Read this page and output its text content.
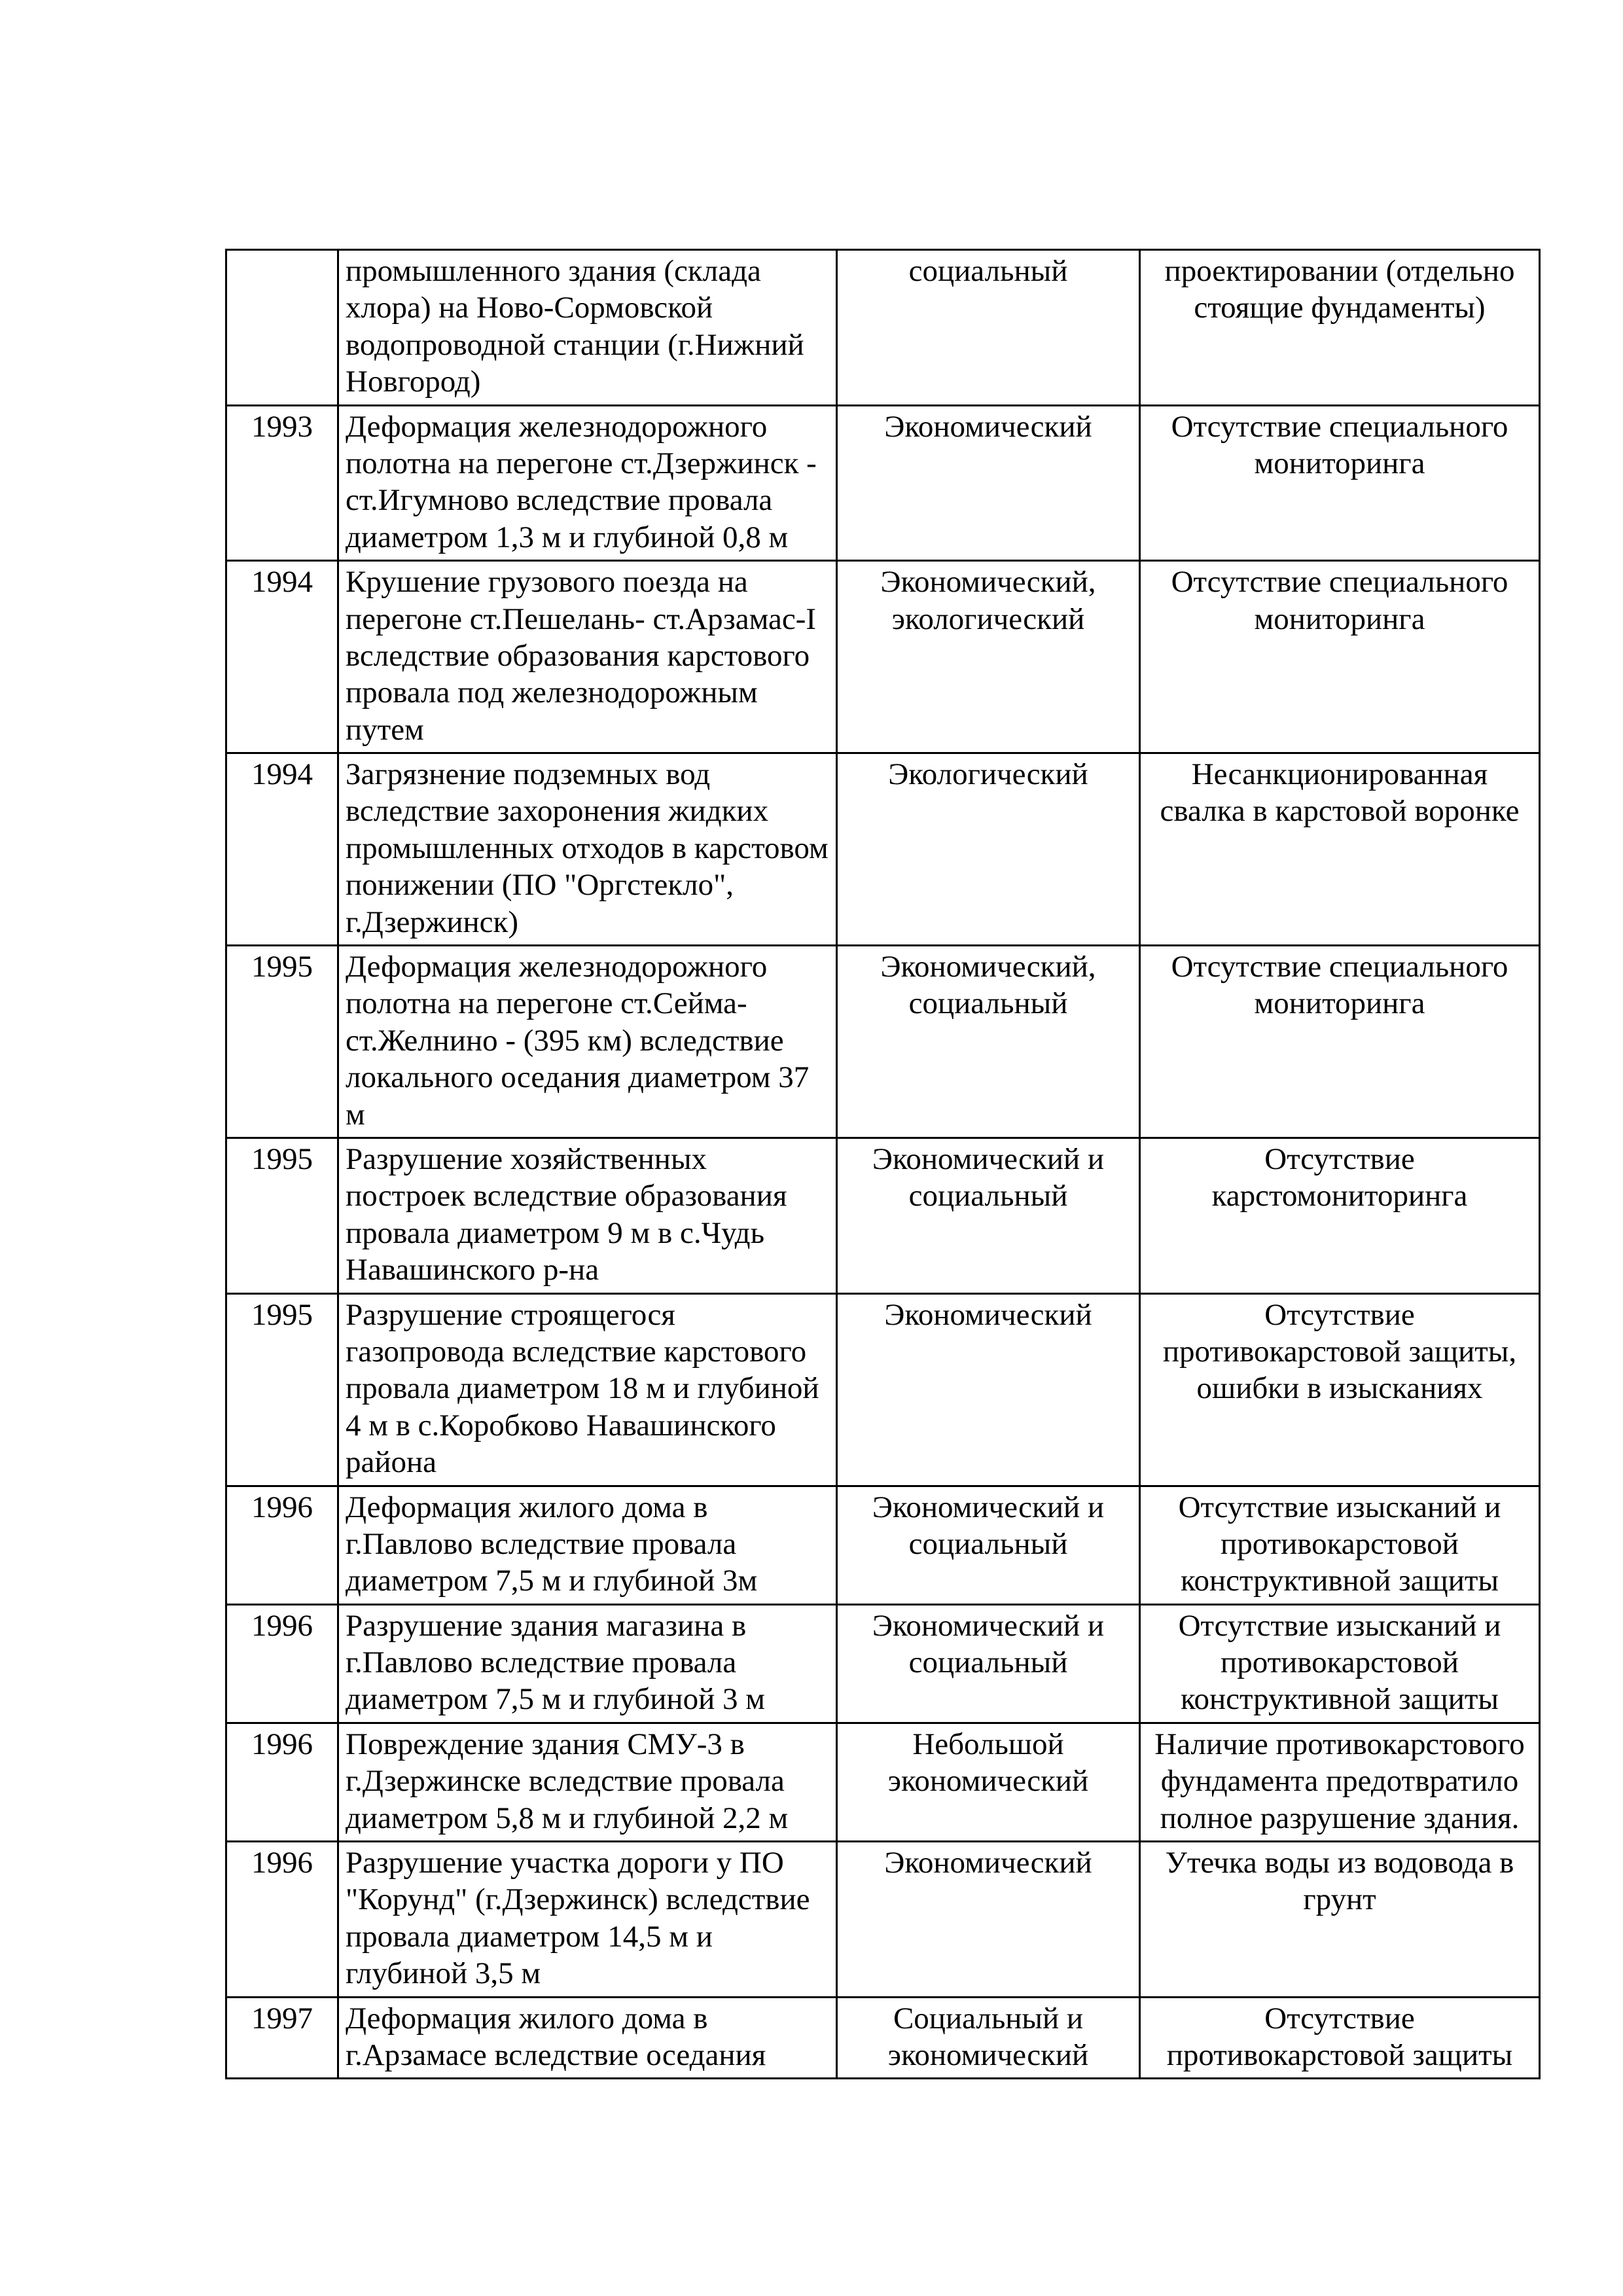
	промышленного здания (склада хлора) на Ново-Сормовской водопроводной станции (г.Нижний Новгород)	социальный	проектировании (отдельно стоящие фундаменты)
1993	Деформация железнодорожного полотна на перегоне ст.Дзержинск - ст.Игумново вследствие провала диаметром 1,3 м и глубиной 0,8 м	Экономический	Отсутствие специального мониторинга
1994	Крушение грузового поезда на перегоне ст.Пешелань- ст.Арзамас-I вследствие образования карстового провала под железнодорожным путем	Экономический, экологический	Отсутствие специального мониторинга
1994	Загрязнение подземных вод вследствие захоронения жидких промышленных отходов в карстовом понижении (ПО "Оргстекло", г.Дзержинск)	Экологический	Несанкционированная свалка в карстовой воронке
1995	Деформация железнодорожного полотна на перегоне ст.Сейма- ст.Желнино - (395 км) вследствие локального оседания диаметром 37 м	Экономический, социальный	Отсутствие специального мониторинга
1995	Разрушение хозяйственных построек вследствие образования провала диаметром 9 м в с.Чудь Навашинского р-на	Экономический и социальный	Отсутствие карстомониторинга
1995	Разрушение строящегося газопровода вследствие карстового провала диаметром 18 м и глубиной 4 м в с.Коробково Навашинского района	Экономический	Отсутствие противокарстовой защиты, ошибки в изысканиях
1996	Деформация жилого дома в г.Павлово вследствие провала диаметром 7,5 м и глубиной 3м	Экономический и социальный	Отсутствие изысканий и противокарстовой конструктивной защиты
1996	Разрушение здания магазина в г.Павлово вследствие провала диаметром 7,5 м и глубиной 3 м	Экономический и социальный	Отсутствие изысканий и противокарстовой конструктивной защиты
1996	Повреждение здания СМУ-3 в г.Дзержинске вследствие провала диаметром 5,8 м и глубиной 2,2 м	Небольшой экономический	Наличие противокарстового фундамента предотвратило полное разрушение здания.
1996	Разрушение участка дороги у ПО "Корунд" (г.Дзержинск) вследствие провала диаметром 14,5 м и глубиной 3,5 м	Экономический	Утечка воды из водовода в грунт
1997	Деформация жилого дома в г.Арзамасе вследствие оседания	Социальный и экономический	Отсутствие противокарстовой защиты
